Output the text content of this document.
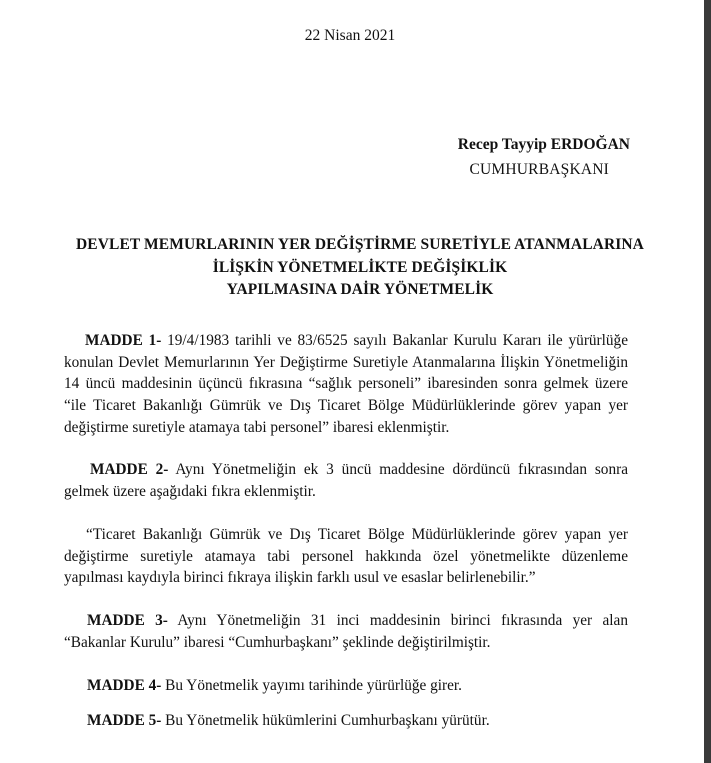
22 Nisan 2021
Recep Tayyip ERDOĞAN
CUMHURBAŞKANI
DEVLET MEMURLARININ YER DEĞİŞTİRME SURETİYLE ATANMALARINA
İLİŞKİN YÖNETMELİKTE DEĞİŞİKLİK
YAPILMASINA DAİR YÖNETMELİK
MADDE 1- 19/4/1983 tarihli ve 83/6525 sayılı Bakanlar Kurulu Kararı ile yürürlüğe konulan Devlet Memurlarının Yer Değiştirme Suretiyle Atanmalarına İlişkin Yönetmeliğin 14 üncü maddesinin üçüncü fıkrasına “sağlık personeli” ibaresinden sonra gelmek üzere “ile Ticaret Bakanlığı Gümrük ve Dış Ticaret Bölge Müdürlüklerinde görev yapan yer değiştirme suretiyle atamaya tabi personel” ibaresi eklenmiştir.
MADDE 2- Aynı Yönetmeliğin ek 3 üncü maddesine dördüncü fıkrasından sonra gelmek üzere aşağıdaki fıkra eklenmiştir.
“Ticaret Bakanlığı Gümrük ve Dış Ticaret Bölge Müdürlüklerinde görev yapan yer değiştirme suretiyle atamaya tabi personel hakkında özel yönetmelikte düzenleme yapılması kaydıyla birinci fıkraya ilişkin farklı usul ve esaslar belirlenebilir.”
MADDE 3- Aynı Yönetmeliğin 31 inci maddesinin birinci fıkrasında yer alan “Bakanlar Kurulu” ibaresi “Cumhurbaşkanı” şeklinde değiştirilmiştir.
MADDE 4- Bu Yönetmelik yayımı tarihinde yürürlüğe girer.
MADDE 5- Bu Yönetmelik hükümlerini Cumhurbaşkanı yürütür.
